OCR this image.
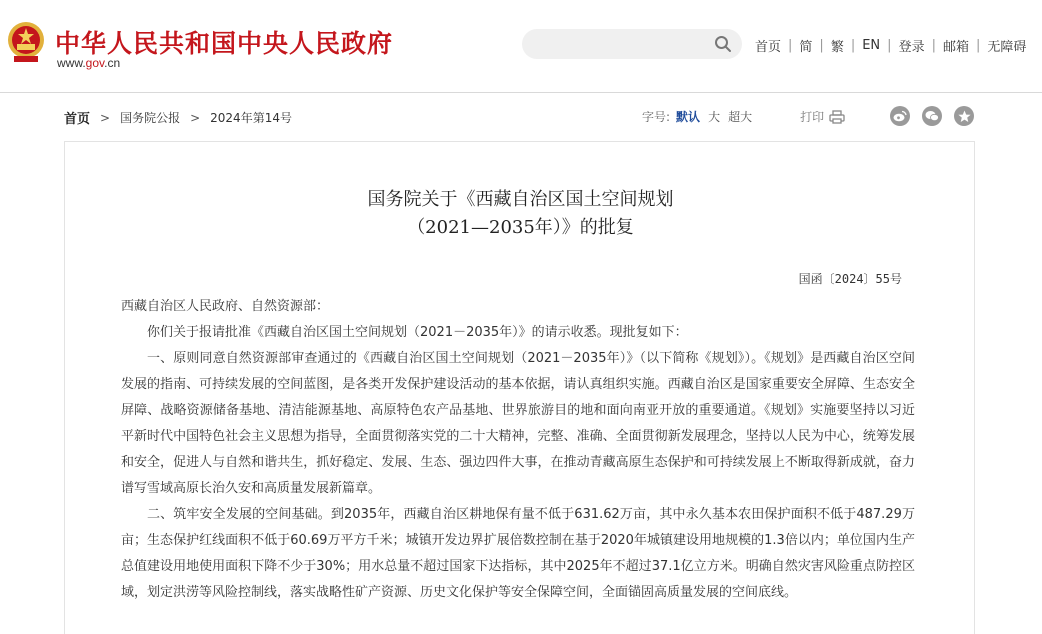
中华人民共和国中央人民政府
www.gov.cn
首页 | 简 | 繁 | EN | 登录 | 邮箱 | 无障碍
首页 > 国务院公报 > 2024年第14号	字号: 默认 大 超大	打印
国务院关于《西藏自治区国土空间规划
（2021—2035年）》的批复
国函〔2024〕55号

西藏自治区人民政府、自然资源部：

你们关于报请批准《西藏自治区国土空间规划（2021－2035年）》的请示收悉。现批复如下：

一、原则同意自然资源部审查通过的《西藏自治区国土空间规划（2021－2035年）》（以下简称《规划》）。《规划》是西藏自治区空间发展的指南、可持续发展的空间蓝图，是各类开发保护建设活动的基本依据，请认真组织实施。西藏自治区是国家重要安全屏障、生态安全屏障、战略资源储备基地、清洁能源基地、高原特色农产品基地、世界旅游目的地和面向南亚开放的重要通道。《规划》实施要坚持以习近平新时代中国特色社会主义思想为指导，全面贯彻落实党的二十大精神，完整、准确、全面贯彻新发展理念，坚持以人民为中心，统筹发展和安全，促进人与自然和谐共生，抓好稳定、发展、生态、强边四件大事，在推动青藏高原生态保护和可持续发展上不断取得新成就，奋力谱写雪域高原长治久安和高质量发展新篇章。

二、筑牢安全发展的空间基础。到2035年，西藏自治区耕地保有量不低于631.62万亩，其中永久基本农田保护面积不低于487.29万亩；生态保护红线面积不低于60.69万平方千米；城镇开发边界扩展倍数控制在基于2020年城镇建设用地规模的1.3倍以内；单位国内生产总值建设用地使用面积下降不少于30%；用水总量不超过国家下达指标，其中2025年不超过37.1亿立方米。明确自然灾害风险重点防控区域，划定洪涝等风险控制线，落实战略性矿产资源、历史文化保护等安全保障空间，全面锚固高质量发展的空间底线。
